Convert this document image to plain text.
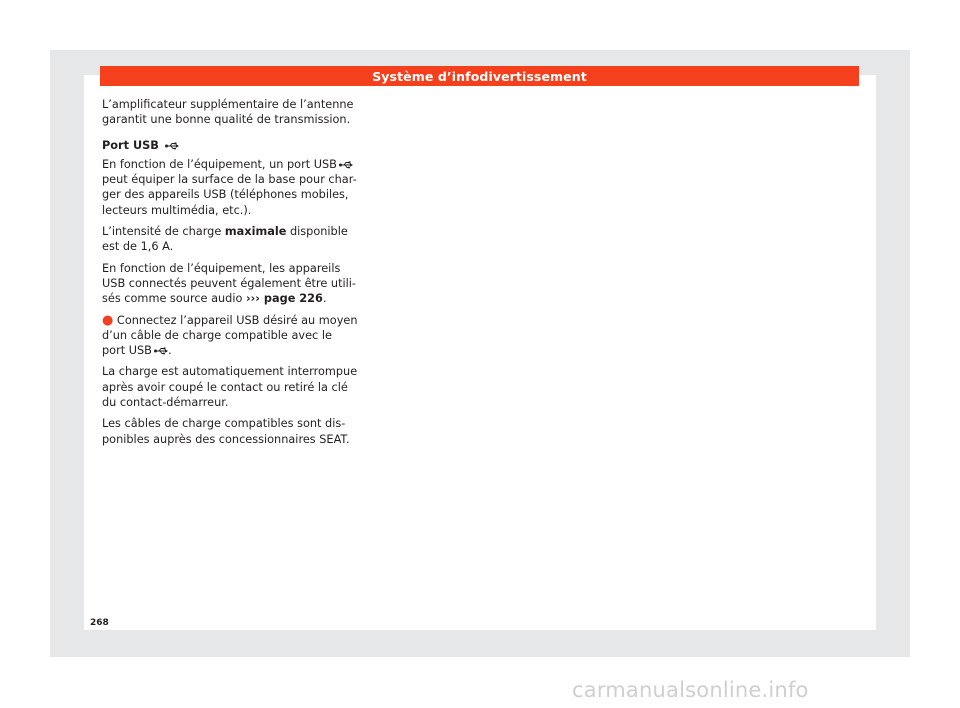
Système d’infodivertissement

L’amplificateur supplémentaire de l’antenne
garantit une bonne qualité de transmission.

Port USB

En fonction de l’équipement, un port USB
peut équiper la surface de la base pour char-
ger des appareils USB (téléphones mobiles,
lecteurs multimédia, etc.).

L’intensité de charge maximale disponible
est de 1,6 A.

En fonction de l’équipement, les appareils
USB connectés peuvent également être utili-
sés comme source audio ››› page 226.

● Connectez l’appareil USB désiré au moyen
d’un câble de charge compatible avec le
port USB .

La charge est automatiquement interrompue
après avoir coupé le contact ou retiré la clé
du contact-démarreur.

Les câbles de charge compatibles sont dis-
ponibles auprès des concessionnaires SEAT.

268
carmanualsonline.info
